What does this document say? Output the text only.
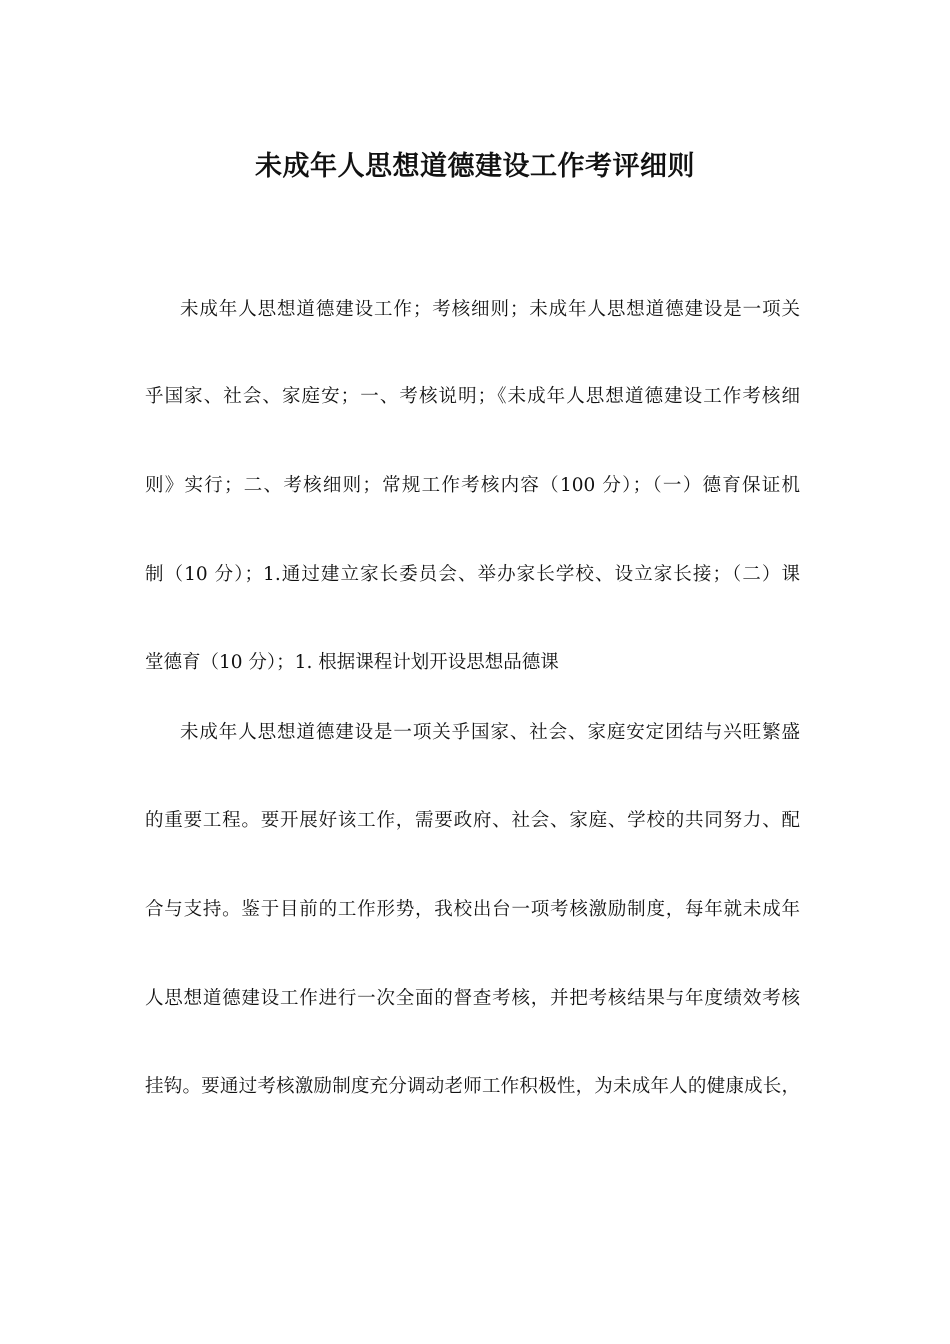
未成年人思想道德建设工作考评细则
未成年人思想道德建设工作；考核细则；未成年人思想道德建设是一项关
乎国家、社会、家庭安；一、考核说明；《未成年人思想道德建设工作考核细
则》实行；二、考核细则；常规工作考核内容（100 分）；（一）德育保证机
制（10 分）；1.通过建立家长委员会、举办家长学校、设立家长接；（二）课
堂德育（10 分）；1. 根据课程计划开设思想品德课
未成年人思想道德建设是一项关乎国家、社会、家庭安定团结与兴旺繁盛
的重要工程。要开展好该工作，需要政府、社会、家庭、学校的共同努力、配
合与支持。鉴于目前的工作形势，我校出台一项考核激励制度，每年就未成年
人思想道德建设工作进行一次全面的督查考核，并把考核结果与年度绩效考核
挂钩。要通过考核激励制度充分调动老师工作积极性，为未成年人的健康成长，
